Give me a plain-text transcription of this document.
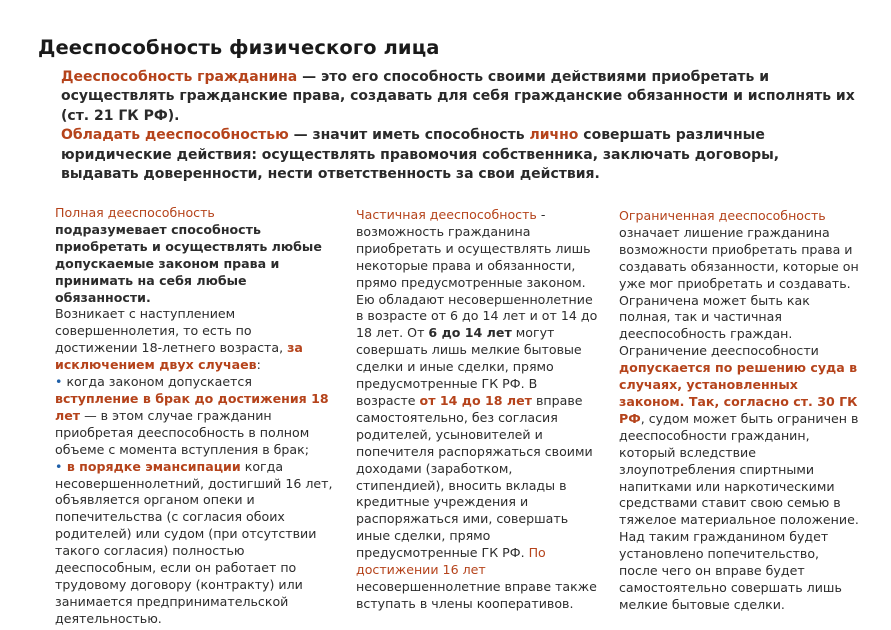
Дееспособность физического лица

Дееспособность гражданина — это его способность своими действиями приобретать и осуществлять гражданские права, создавать для себя гражданские обязанности и исполнять их (ст. 21 ГК РФ).

Обладать дееспособностью — значит иметь способность лично совершать различные юридические действия: осуществлять правомочия собственника, заключать договоры, выдавать доверенности, нести ответственность за свои действия.

Полная дееспособность
подразумевает способность приобретать и осуществлять любые допускаемые законом права и принимать на себя любые обязанности.

Возникает с наступлением совершеннолетия, то есть по достижении 18-летнего возраста, за исключением двух случаев:

• когда законом допускается вступление в брак до достижения 18 лет — в этом случае гражданин приобретая дееспособность в полном объеме с момента вступления в брак;

• в порядке эмансипации когда несовершеннолетний, достигший 16 лет, объявляется органом опеки и попечительства (с согласия обоих родителей) или судом (при отсутствии такого согласия) полностью дееспособным, если он работает по трудовому договору (контракту) или занимается предпринимательской деятельностью.

Частичная дееспособность - возможность гражданина приобретать и осуществлять лишь некоторые права и обязанности, прямо предусмотренные законом. Ею обладают несовершеннолетние в возрасте от 6 до 14 лет и от 14 до 18 лет. От 6 до 14 лет могут совершать лишь мелкие бытовые сделки и иные сделки, прямо предусмотренные ГК РФ. В возрасте от 14 до 18 лет вправе самостоятельно, без согласия родителей, усыновителей и попечителя распоряжаться своими доходами (заработком, стипендией), вносить вклады в кредитные учреждения и распоряжаться ими, совершать иные сделки, прямо предусмотренные ГК РФ. По достижении 16 лет несовершеннолетние вправе также вступать в члены кооперативов.

Ограниченная дееспособность означает лишение гражданина возможности приобретать права и создавать обязанности, которые он уже мог приобретать и создавать. Ограничена может быть как полная, так и частичная дееспособность граждан. Ограничение дееспособности допускается по решению суда в случаях, установленных законом. Так, согласно ст. 30 ГК РФ, судом может быть ограничен в дееспособности гражданин, который вследствие злоупотребления спиртными напитками или наркотическими средствами ставит свою семью в тяжелое материальное положение. Над таким гражданином будет установлено попечительство, после чего он вправе будет самостоятельно совершать лишь мелкие бытовые сделки.
